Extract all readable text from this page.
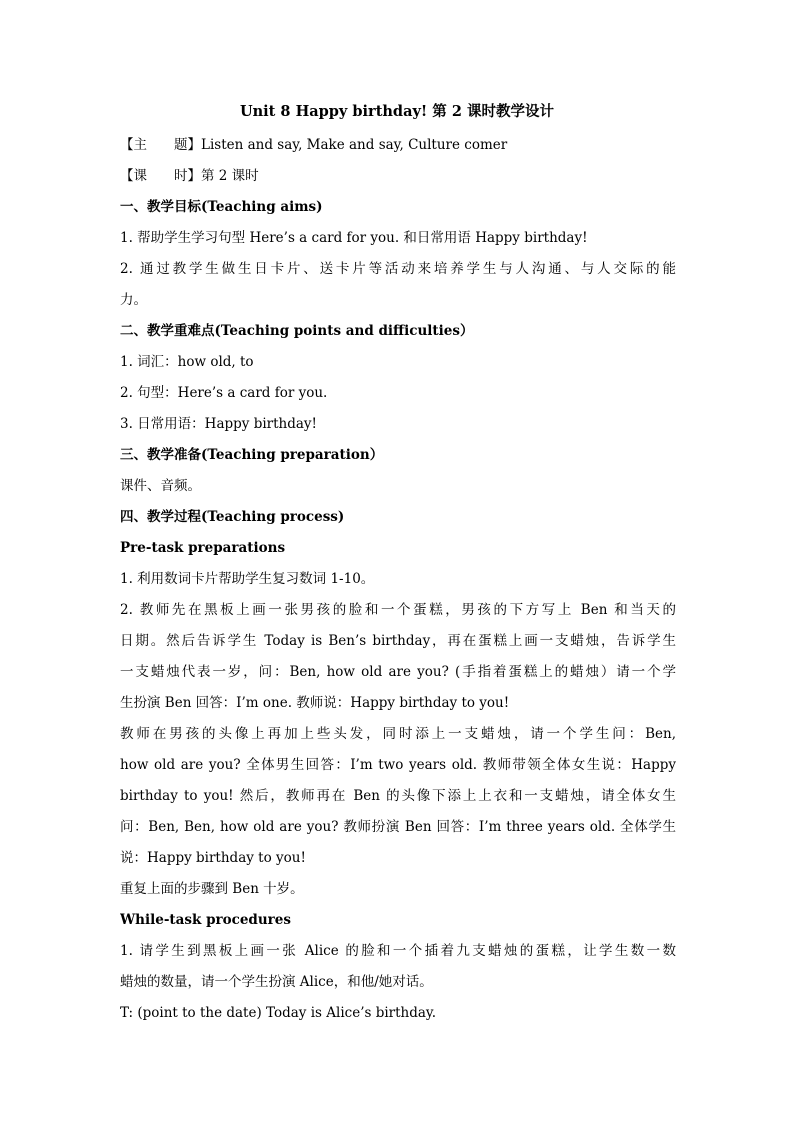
Unit 8 Happy birthday! 第 2 课时教学设计
【主　　题】Listen and say, Make and say, Culture comer
【课　　时】第 2 课时
一、教学目标(Teaching aims)
1. 帮助学生学习句型 Here’s a card for you. 和日常用语 Happy birthday!
2. 通过教学生做生日卡片、送卡片等活动来培养学生与人沟通、与人交际的能
力。
二、教学重难点(Teaching points and difficulties）
1. 词汇：how old, to
2. 句型：Here’s a card for you.
3. 日常用语：Happy birthday!
三、教学准备(Teaching preparation）
课件、音频。
四、教学过程(Teaching process)
Pre-task preparations
1. 利用数词卡片帮助学生复习数词 1-10。
2. 教师先在黑板上画一张男孩的脸和一个蛋糕，男孩的下方写上 Ben 和当天的
日期。然后告诉学生 Today is Ben’s birthday，再在蛋糕上画一支蜡烛，告诉学生
一支蜡烛代表一岁，问：Ben, how old are you? (手指着蛋糕上的蜡烛）请一个学
生扮演 Ben 回答：I’m one. 教师说：Happy birthday to you!
教师在男孩的头像上再加上些头发，同时添上一支蜡烛，请一个学生问：Ben,
how old are you? 全体男生回答：I’m two years old. 教师带领全体女生说：Happy
birthday to you! 然后，教师再在 Ben 的头像下添上上衣和一支蜡烛，请全体女生
问：Ben, Ben, how old are you? 教师扮演 Ben 回答：I’m three years old. 全体学生
说：Happy birthday to you!
重复上面的步骤到 Ben 十岁。
While-task procedures
1. 请学生到黑板上画一张 Alice 的脸和一个插着九支蜡烛的蛋糕，让学生数一数
蜡烛的数量，请一个学生扮演 Alice，和他/她对话。
T: (point to the date) Today is Alice’s birthday.
